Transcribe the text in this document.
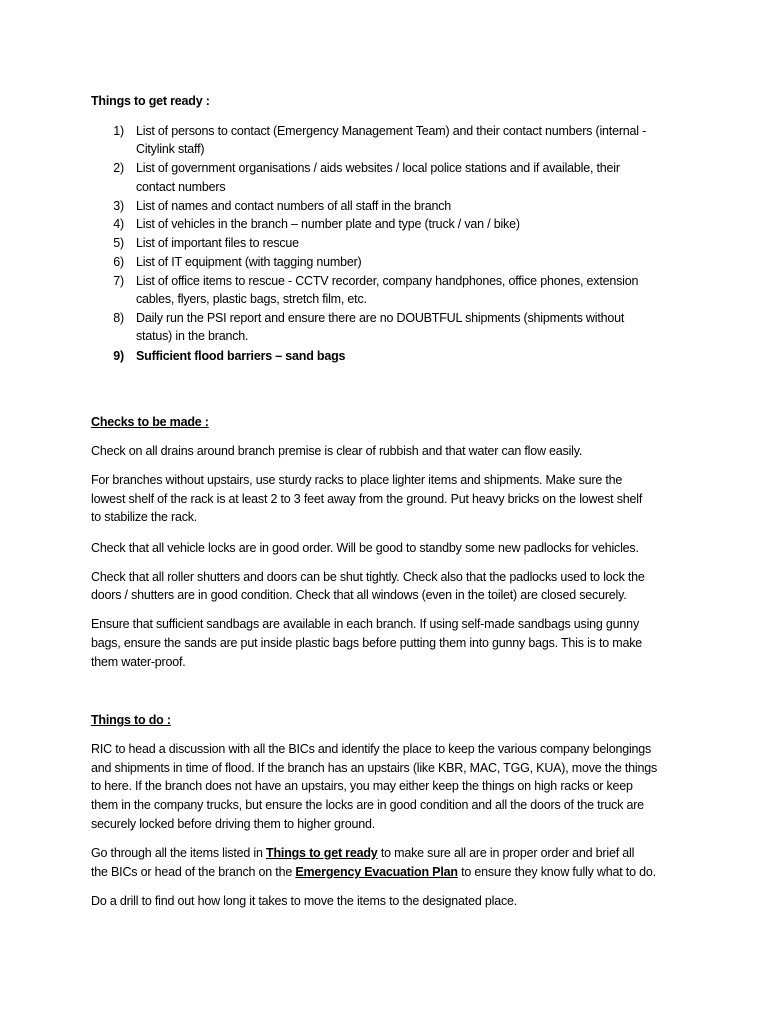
Things to get ready :
1) List of persons to contact (Emergency Management Team) and their contact numbers (internal -
Citylink staff)
2) List of government organisations / aids websites / local police stations and if available, their
contact numbers
3) List of names and contact numbers of all staff in the branch
4) List of vehicles in the branch – number plate and type (truck / van / bike)
5) List of important files to rescue
6) List of IT equipment (with tagging number)
7) List of office items to rescue - CCTV recorder, company handphones, office phones, extension
cables, flyers, plastic bags, stretch film, etc.
8) Daily run the PSI report and ensure there are no DOUBTFUL shipments (shipments without
status) in the branch.
9) Sufficient flood barriers – sand bags
Checks to be made :
Check on all drains around branch premise is clear of rubbish and that water can flow easily.
For branches without upstairs, use sturdy racks to place lighter items and shipments. Make sure the
lowest shelf of the rack is at least 2 to 3 feet away from the ground. Put heavy bricks on the lowest shelf
to stabilize the rack.
Check that all vehicle locks are in good order. Will be good to standby some new padlocks for vehicles.
Check that all roller shutters and doors can be shut tightly. Check also that the padlocks used to lock the
doors / shutters are in good condition. Check that all windows (even in the toilet) are closed securely.
Ensure that sufficient sandbags are available in each branch. If using self-made sandbags using gunny
bags, ensure the sands are put inside plastic bags before putting them into gunny bags. This is to make
them water-proof.
Things to do :
RIC to head a discussion with all the BICs and identify the place to keep the various company belongings
and shipments in time of flood. If the branch has an upstairs (like KBR, MAC, TGG, KUA), move the things
to here. If the branch does not have an upstairs, you may either keep the things on high racks or keep
them in the company trucks, but ensure the locks are in good condition and all the doors of the truck are
securely locked before driving them to higher ground.
Go through all the items listed in Things to get ready to make sure all are in proper order and brief all
the BICs or head of the branch on the Emergency Evacuation Plan to ensure they know fully what to do.
Do a drill to find out how long it takes to move the items to the designated place.
